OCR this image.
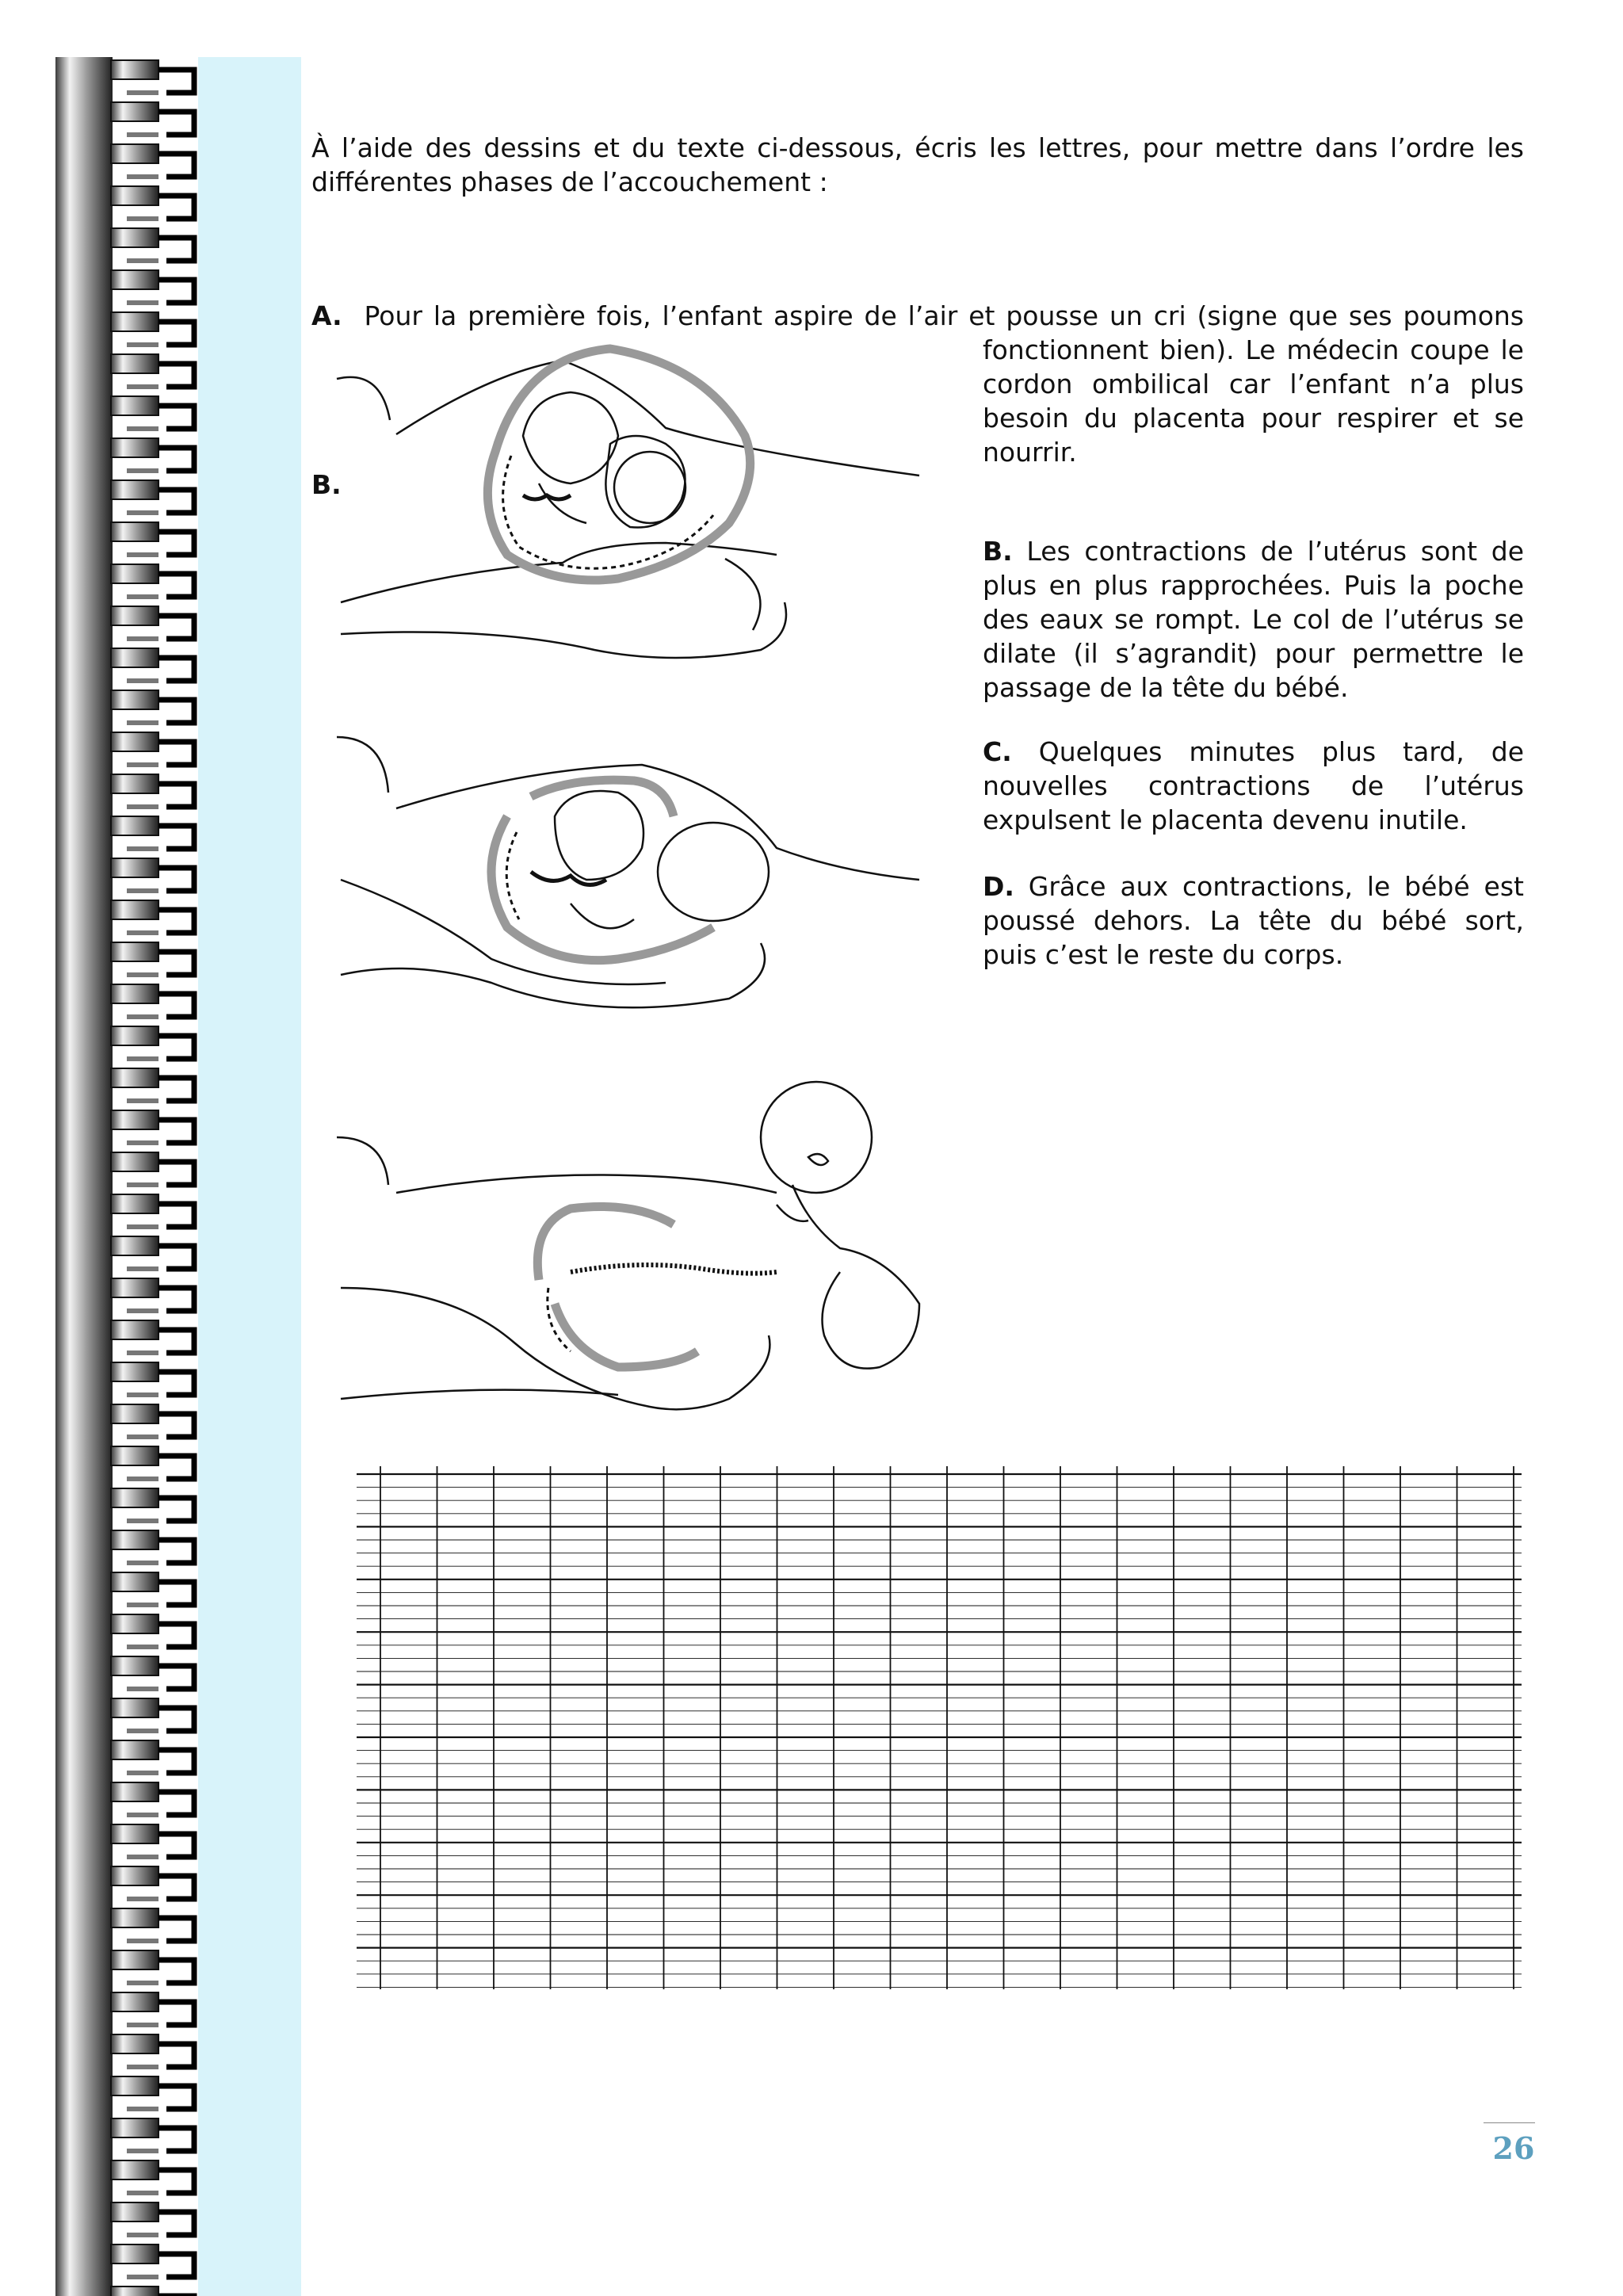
À l’aide des dessins et du texte ci-dessous, écris les lettres, pour mettre dans l’ordre les différentes phases de l’accouchement :
A. Pour la première fois, l’enfant aspire de l’air et pousse un cri (signe que ses poumons
fonctionnent bien). Le médecin coupe le cordon ombilical car l’enfant n’a plus besoin du placenta pour respirer et se nourrir.
B.
B. Les contractions de l’utérus sont de plus en plus rapprochées. Puis la poche des eaux se rompt. Le col de l’utérus se dilate (il s’agrandit) pour permettre le passage de la tête du bébé.
C. Quelques minutes plus tard, de nouvelles contractions de l’utérus expulsent le placenta devenu inutile.
D. Grâce aux contractions, le bébé est poussé dehors. La tête du bébé sort, puis c’est le reste du corps.
26
